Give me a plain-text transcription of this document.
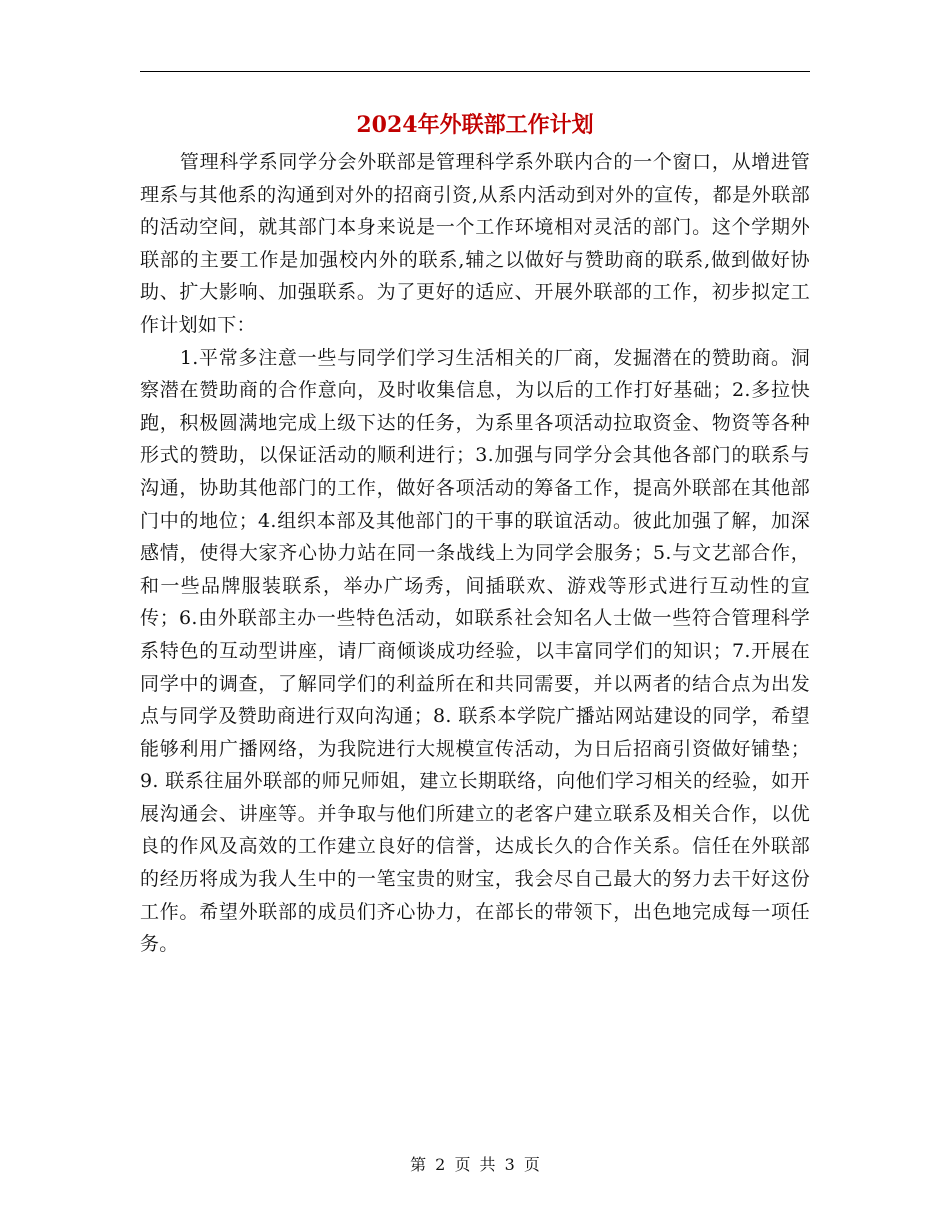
2024年外联部工作计划

管理科学系同学分会外联部是管理科学系外联内合的一个窗口，从增进管理系与其他系的沟通到对外的招商引资,从系内活动到对外的宣传，都是外联部的活动空间，就其部门本身来说是一个工作环境相对灵活的部门。这个学期外联部的主要工作是加强校内外的联系,辅之以做好与赞助商的联系,做到做好协助、扩大影响、加强联系。为了更好的适应、开展外联部的工作，初步拟定工作计划如下：

1.平常多注意一些与同学们学习生活相关的厂商，发掘潜在的赞助商。洞察潜在赞助商的合作意向，及时收集信息，为以后的工作打好基础；2.多拉快跑，积极圆满地完成上级下达的任务，为系里各项活动拉取资金、物资等各种形式的赞助，以保证活动的顺利进行；3.加强与同学分会其他各部门的联系与沟通，协助其他部门的工作，做好各项活动的筹备工作，提高外联部在其他部门中的地位；4.组织本部及其他部门的干事的联谊活动。彼此加强了解，加深感情，使得大家齐心协力站在同一条战线上为同学会服务；5.与文艺部合作，和一些品牌服装联系，举办广场秀，间插联欢、游戏等形式进行互动性的宣传；6.由外联部主办一些特色活动，如联系社会知名人士做一些符合管理科学系特色的互动型讲座，请厂商倾谈成功经验，以丰富同学们的知识；7.开展在同学中的调查，了解同学们的利益所在和共同需要，并以两者的结合点为出发点与同学及赞助商进行双向沟通；8. 联系本学院广播站网站建设的同学，希望能够利用广播网络，为我院进行大规模宣传活动，为日后招商引资做好铺垫；9. 联系往届外联部的师兄师姐，建立长期联络，向他们学习相关的经验，如开展沟通会、讲座等。并争取与他们所建立的老客户建立联系及相关合作，以优良的作风及高效的工作建立良好的信誉，达成长久的合作关系。信任在外联部的经历将成为我人生中的一笔宝贵的财宝，我会尽自己最大的努力去干好这份工作。希望外联部的成员们齐心协力，在部长的带领下，出色地完成每一项任务。

第 2 页 共 3 页
